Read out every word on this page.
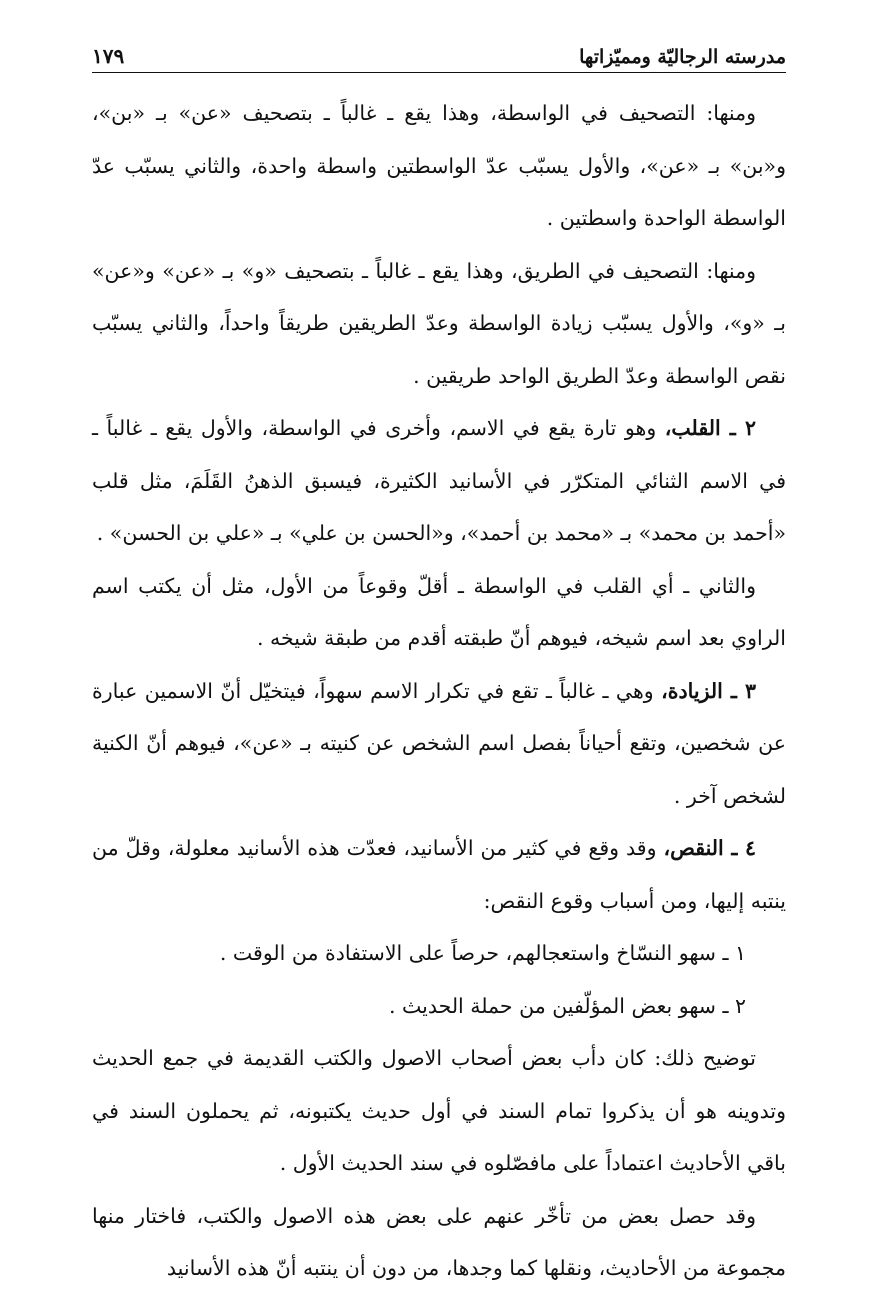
مدرسته الرجاليّة ومميّزاتها
١٧٩

ومنها: التصحيف في الواسطة، وهذا يقع ـ غالباً ـ بتصحيف «عن» بـ «بن»، و«بن» بـ «عن»، والأول يسبّب عدّ الواسطتين واسطة واحدة، والثاني يسبّب عدّ الواسطة الواحدة واسطتين .

ومنها: التصحيف في الطريق، وهذا يقع ـ غالباً ـ بتصحيف «و» بـ «عن» و«عن» بـ «و»، والأول يسبّب زيادة الواسطة وعدّ الطريقين طريقاً واحداً، والثاني يسبّب نقص الواسطة وعدّ الطريق الواحد طريقين .

٢ ـ القلب، وهو تارة يقع في الاسم، وأخرى في الواسطة، والأول يقع ـ غالباً ـ في الاسم الثنائي المتكرّر في الأسانيد الكثيرة، فيسبق الذهنُ القَلَمَ، مثل قلب «أحمد بن محمد» بـ «محمد بن أحمد»، و«الحسن بن علي» بـ «علي بن الحسن» .

والثاني ـ أي القلب في الواسطة ـ أقلّ وقوعاً من الأول، مثل أن يكتب اسم الراوي بعد اسم شيخه، فيوهم أنّ طبقته أقدم من طبقة شيخه .

٣ ـ الزيادة، وهي ـ غالباً ـ تقع في تكرار الاسم سهواً، فيتخيّل أنّ الاسمين عبارة عن شخصين، وتقع أحياناً بفصل اسم الشخص عن كنيته بـ «عن»، فيوهم أنّ الكنية لشخص آخر .

٤ ـ النقص، وقد وقع في كثير من الأسانيد، فعدّت هذه الأسانيد معلولة، وقلّ من ينتبه إليها، ومن أسباب وقوع النقص:

١ ـ سهو النسّاخ واستعجالهم، حرصاً على الاستفادة من الوقت .

٢ ـ سهو بعض المؤلّفين من حملة الحديث .

توضيح ذلك: كان دأب بعض أصحاب الاصول والكتب القديمة في جمع الحديث وتدوينه هو أن يذكروا تمام السند في أول حديث يكتبونه، ثم يحملون السند في باقي الأحاديث اعتماداً على مافصّلوه في سند الحديث الأول .

وقد حصل بعض من تأخّر عنهم على بعض هذه الاصول والكتب، فاختار منها مجموعة من الأحاديث، ونقلها كما وجدها، من دون أن ينتبه أنّ هذه الأسانيد
